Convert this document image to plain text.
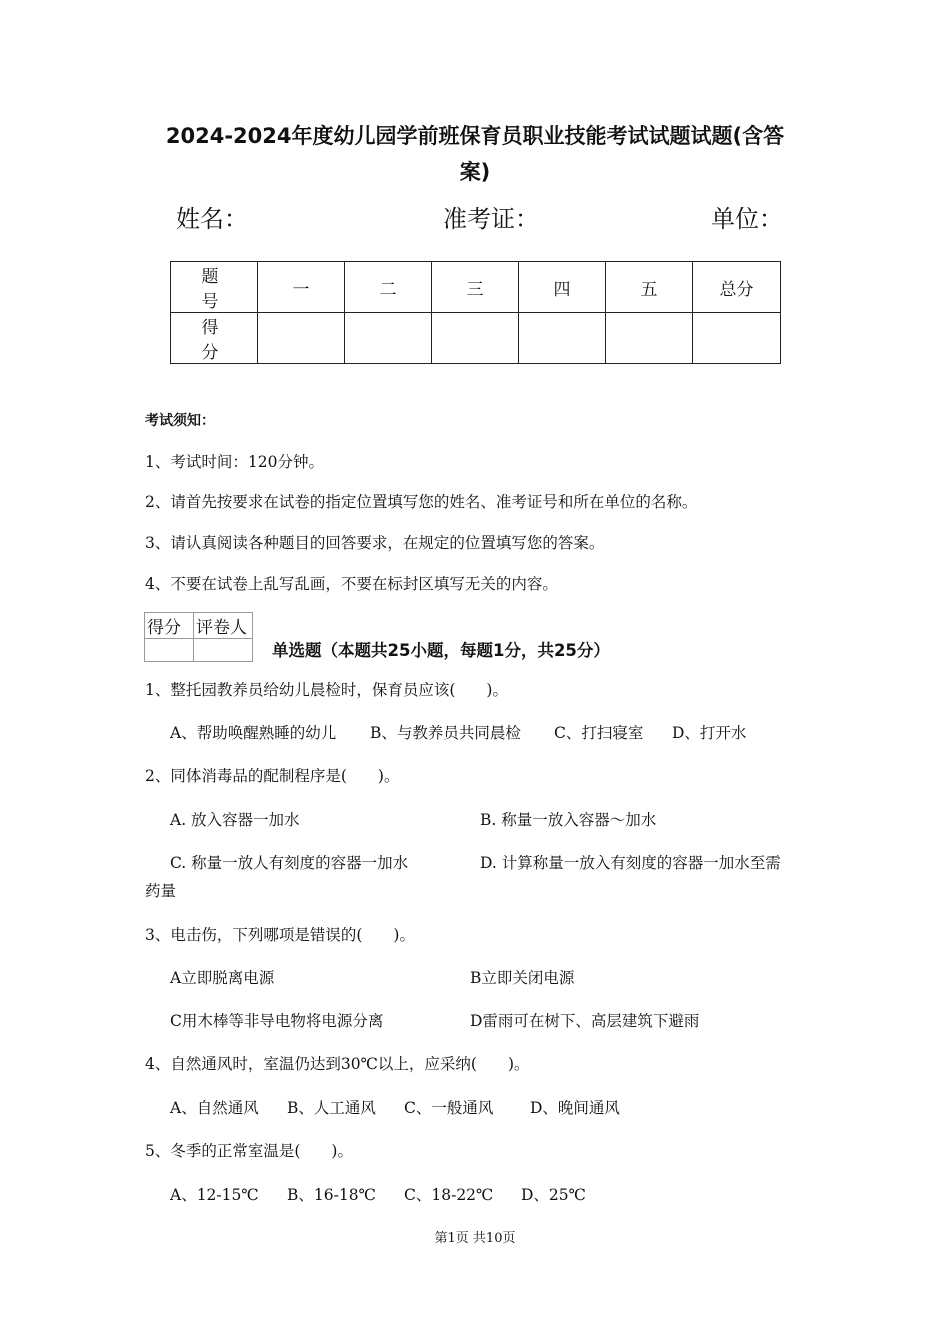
2024-2024年度幼儿园学前班保育员职业技能考试试题试题(含答
案)
姓名：	准考证：	单位：
题 号	一	二	三	四	五	总分
得 分						
考试须知：
1、考试时间：120分钟。
2、请首先按要求在试卷的指定位置填写您的姓名、准考证号和所在单位的名称。
3、请认真阅读各种题目的回答要求，在规定的位置填写您的答案。
4、不要在试卷上乱写乱画，不要在标封区填写无关的内容。
得分	评卷人

单选题（本题共25小题，每题1分，共25分）
1、整托园教养员给幼儿晨检时，保育员应该(　　)。
A、帮助唤醒熟睡的幼儿 B、与教养员共同晨检 C、打扫寝室 D、打开水
2、同体消毒品的配制程序是(　　)。
A. 放入容器一加水	B. 称量一放入容器～加水
C. 称量一放人有刻度的容器一加水	D. 计算称量一放入有刻度的容器一加水至需
药量
3、电击伤，下列哪项是错误的(　　)。
A立即脱离电源	B立即关闭电源
C用木棒等非导电物将电源分离	D雷雨可在树下、高层建筑下避雨
4、自然通风时，室温仍达到30℃以上，应采纳(　　)。
A、自然通风 B、人工通风 C、一般通风 D、晚间通风
5、冬季的正常室温是(　　)。
A、12-15℃ B、16-18℃ C、18-22℃ D、25℃
第1页 共10页
